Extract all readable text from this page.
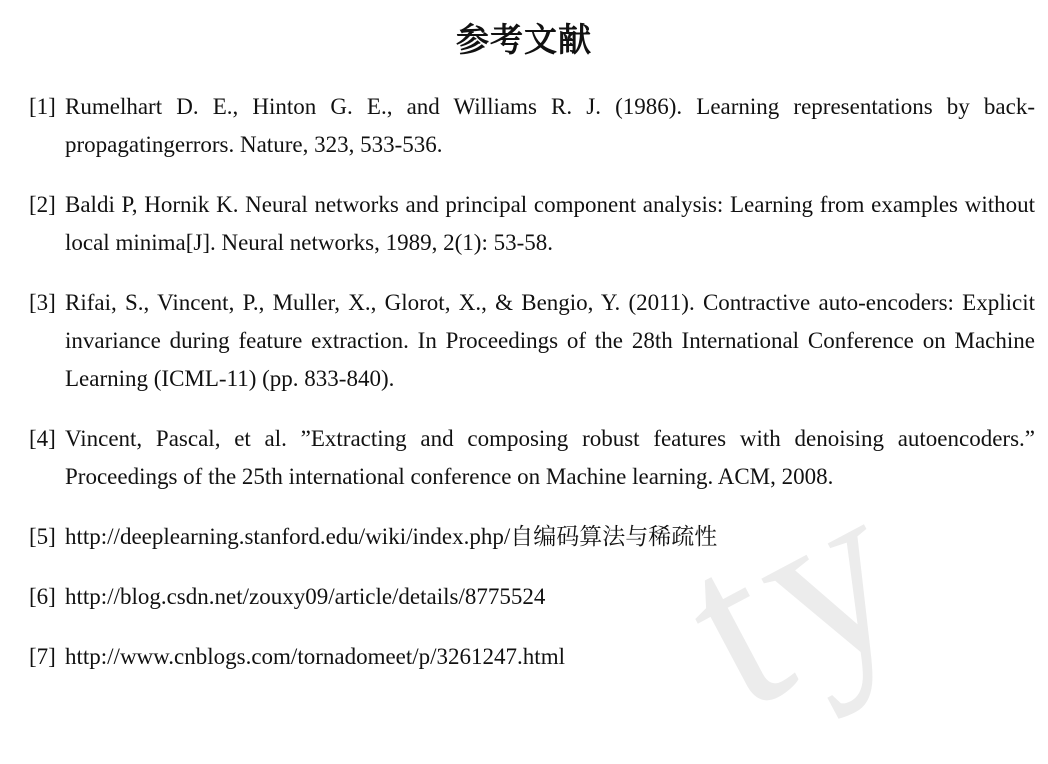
ty
参考文献
[1] Rumelhart D. E., Hinton G. E., and Williams R. J. (1986). Learning representations by back-propagatingerrors. Nature, 323, 533-536.
[2] Baldi P, Hornik K. Neural networks and principal component analysis: Learning from examples without local minima[J]. Neural networks, 1989, 2(1): 53-58.
[3] Rifai, S., Vincent, P., Muller, X., Glorot, X., & Bengio, Y. (2011). Contractive auto-encoders: Explicit invariance during feature extraction. In Proceedings of the 28th International Conference on Machine Learning (ICML-11) (pp. 833-840).
[4] Vincent, Pascal, et al. ”Extracting and composing robust features with denoising autoencoders.” Proceedings of the 25th international conference on Machine learning. ACM, 2008.
[5] http://deeplearning.stanford.edu/wiki/index.php/自编码算法与稀疏性
[6] http://blog.csdn.net/zouxy09/article/details/8775524
[7] http://www.cnblogs.com/tornadomeet/p/3261247.html
